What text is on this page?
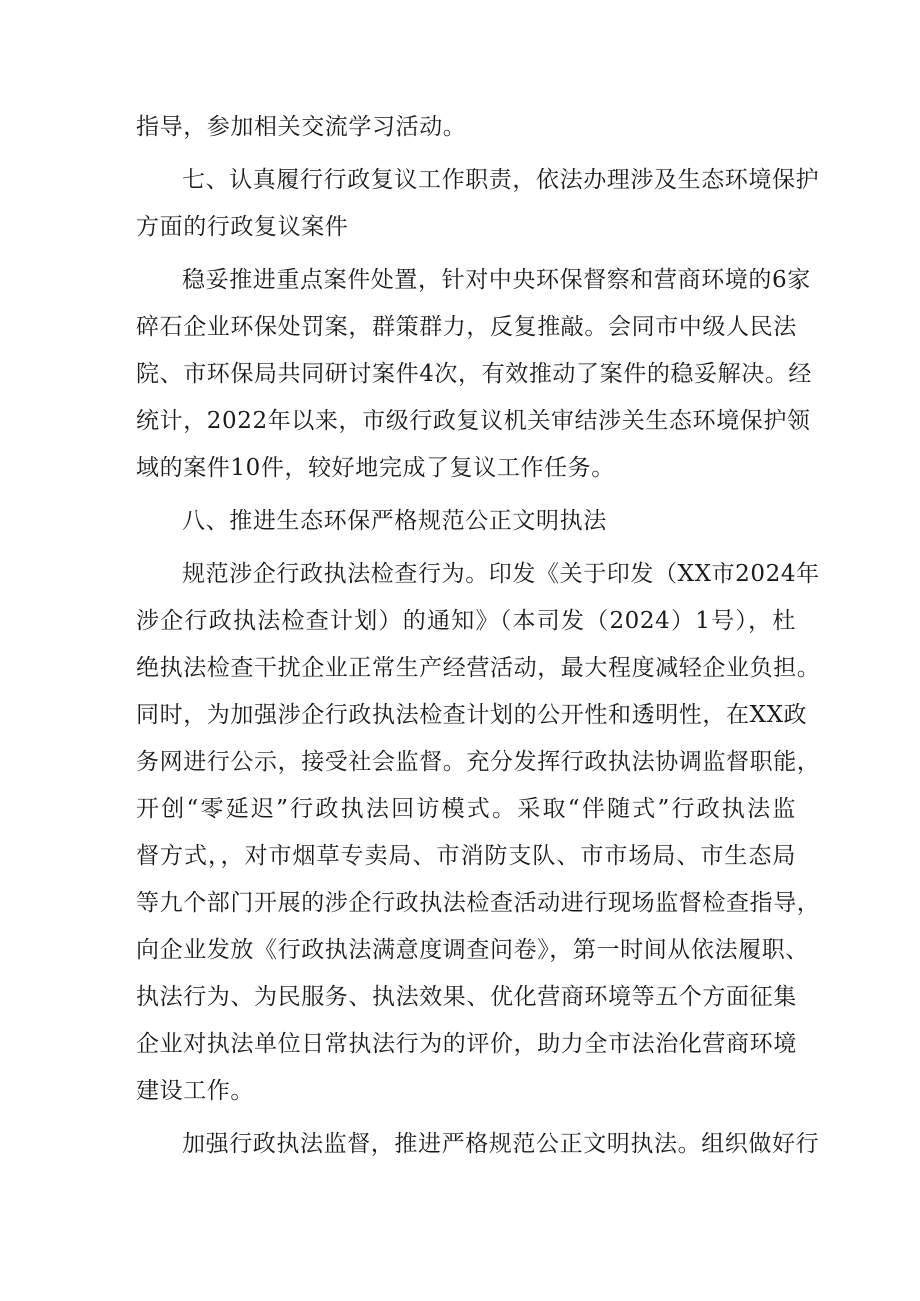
指导，参加相关交流学习活动。
七、认真履行行政复议工作职责，依法办理涉及生态环境保护
方面的行政复议案件
稳妥推进重点案件处置，针对中央环保督察和营商环境的6家
碎石企业环保处罚案，群策群力，反复推敲。会同市中级人民法
院、市环保局共同研讨案件4次，有效推动了案件的稳妥解决。经
统计，2022年以来，市级行政复议机关审结涉关生态环境保护领
域的案件10件，较好地完成了复议工作任务。
八、推进生态环保严格规范公正文明执法
规范涉企行政执法检查行为。印发《关于印发（XX市2024年
涉企行政执法检查计划）的通知》（本司发（2024）1号），杜
绝执法检查干扰企业正常生产经营活动，最大程度减轻企业负担。
同时，为加强涉企行政执法检查计划的公开性和透明性，在XX政
务网进行公示，接受社会监督。充分发挥行政执法协调监督职能，
开创“零延迟”行政执法回访模式。采取“伴随式”行政执法监
督方式，，对市烟草专卖局、市消防支队、市市场局、市生态局
等九个部门开展的涉企行政执法检查活动进行现场监督检查指导，
向企业发放《行政执法满意度调查问卷》，第一时间从依法履职、
执法行为、为民服务、执法效果、优化营商环境等五个方面征集
企业对执法单位日常执法行为的评价，助力全市法治化营商环境
建设工作。
加强行政执法监督，推进严格规范公正文明执法。组织做好行
